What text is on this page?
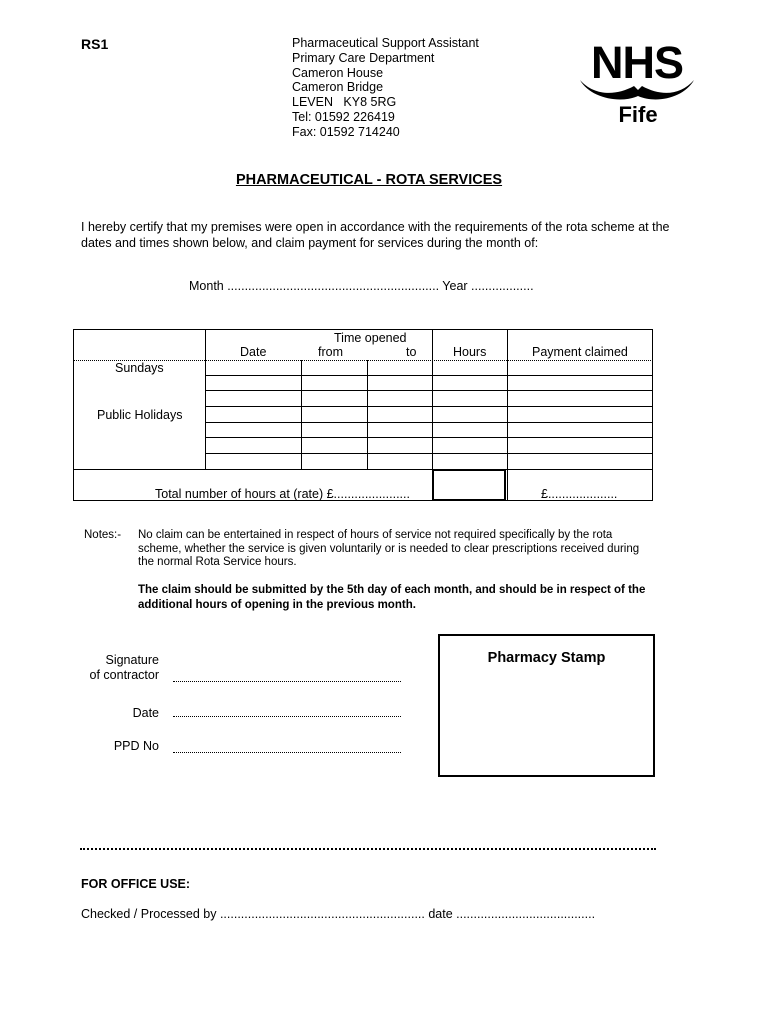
RS1	Pharmaceutical Support Assistant
Primary Care Department
Cameron House
Cameron Bridge
LEVEN   KY8 5RG
Tel: 01592 226419
Fax: 01592 714240
NHS
Fife
PHARMACEUTICAL - ROTA SERVICES
I hereby certify that my premises were open in accordance with the requirements of the rota scheme at the dates and times shown below, and claim payment for services during the month of:
Month ............................................................. Year ..................
Time opened
Date	from	to	Hours	Payment claimed
Sundays
Public Holidays
Total number of hours at (rate) £......................	£....................
Notes:- No claim can be entertained in respect of hours of service not required specifically by the rota scheme, whether the service is given voluntarily or is needed to clear prescriptions received during the normal Rota Service hours.
The claim should be submitted by the 5th day of each month, and should be in respect of the additional hours of opening in the previous month.
Signature
of contractor
Date
PPD No
Pharmacy Stamp
FOR OFFICE USE:
Checked / Processed by ........................................................... date ........................................
